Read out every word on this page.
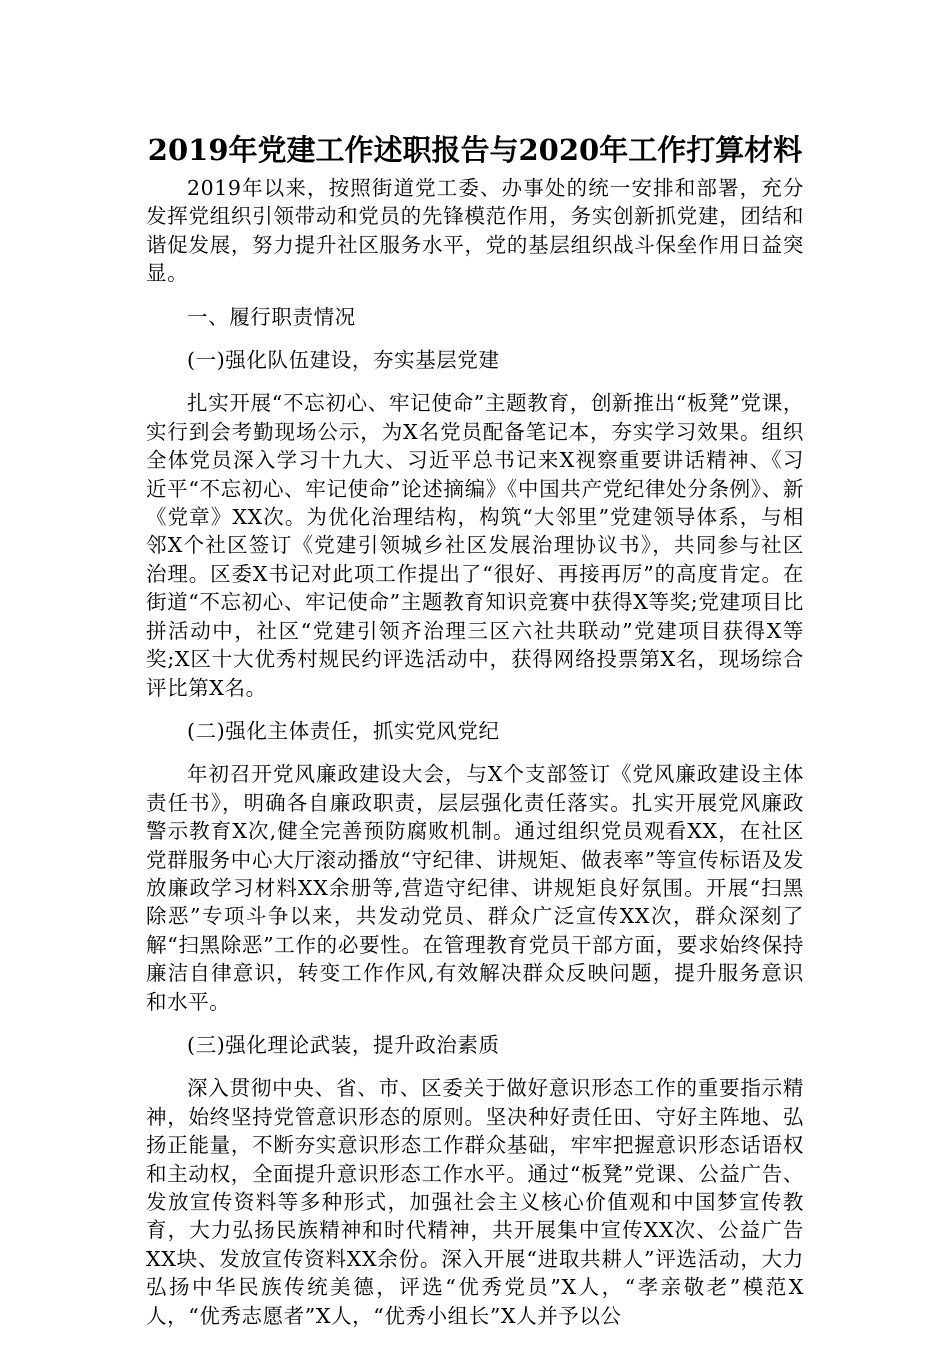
2019年党建工作述职报告与2020年工作打算材料

2019年以来，按照街道党工委、办事处的统一安排和部署，充分发挥党组织引领带动和党员的先锋模范作用，务实创新抓党建，团结和谐促发展，努力提升社区服务水平，党的基层组织战斗保垒作用日益突显。

一、履行职责情况

(一)强化队伍建设，夯实基层党建

扎实开展“不忘初心、牢记使命”主题教育，创新推出“板凳”党课，实行到会考勤现场公示，为X名党员配备笔记本，夯实学习效果。组织全体党员深入学习十九大、习近平总书记来X视察重要讲话精神、《习近平“不忘初心、牢记使命”论述摘编》《中国共产党纪律处分条例》、新《党章》XX次。为优化治理结构，构筑“大邻里”党建领导体系，与相邻X个社区签订《党建引领城乡社区发展治理协议书》，共同参与社区治理。区委X书记对此项工作提出了“很好、再接再厉”的高度肯定。在街道“不忘初心、牢记使命”主题教育知识竞赛中获得X等奖;党建项目比拼活动中，社区“党建引领齐治理三区六社共联动”党建项目获得X等奖;X区十大优秀村规民约评选活动中，获得网络投票第X名，现场综合评比第X名。

(二)强化主体责任，抓实党风党纪

年初召开党风廉政建设大会，与X个支部签订《党风廉政建设主体责任书》，明确各自廉政职责，层层强化责任落实。扎实开展党风廉政警示教育X次,健全完善预防腐败机制。通过组织党员观看XX，在社区党群服务中心大厅滚动播放“守纪律、讲规矩、做表率”等宣传标语及发放廉政学习材料XX余册等,营造守纪律、讲规矩良好氛围。开展“扫黑除恶”专项斗争以来，共发动党员、群众广泛宣传XX次，群众深刻了解“扫黑除恶”工作的必要性。在管理教育党员干部方面，要求始终保持廉洁自律意识，转变工作作风,有效解决群众反映问题，提升服务意识和水平。

(三)强化理论武装，提升政治素质

深入贯彻中央、省、市、区委关于做好意识形态工作的重要指示精神，始终坚持党管意识形态的原则。坚决种好责任田、守好主阵地、弘扬正能量，不断夯实意识形态工作群众基础，牢牢把握意识形态话语权和主动权，全面提升意识形态工作水平。通过“板凳”党课、公益广告、发放宣传资料等多种形式，加强社会主义核心价值观和中国梦宣传教育，大力弘扬民族精神和时代精神，共开展集中宣传XX次、公益广告XX块、发放宣传资料XX余份。深入开展“进取共耕人”评选活动，大力弘扬中华民族传统美德，评选“优秀党员”X人，“孝亲敬老”模范X人，“优秀志愿者”X人，“优秀小组长”X人并予以公
